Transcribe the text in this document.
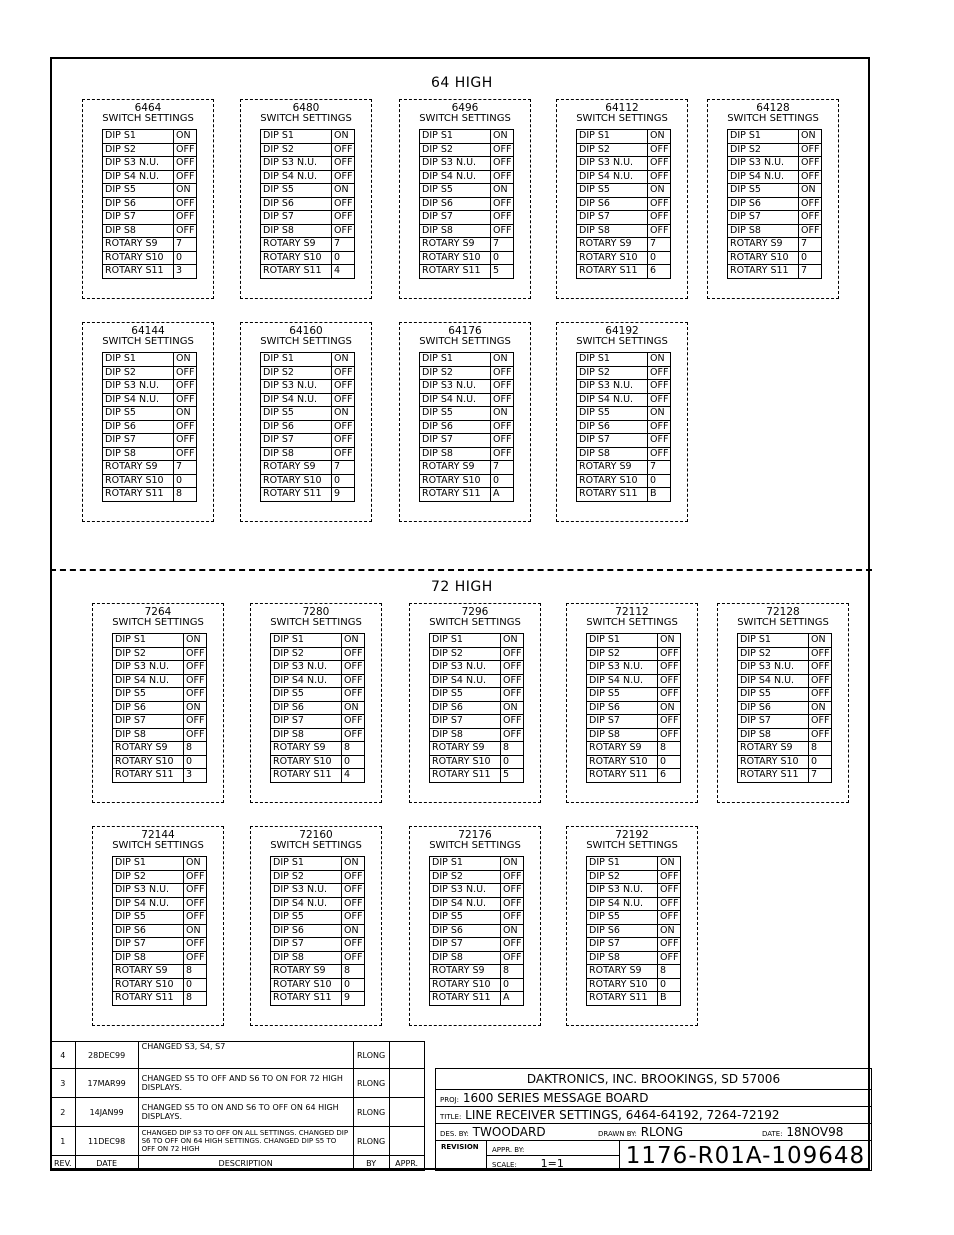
64 HIGH
72 HIGH
6464
SWITCH SETTINGS
DIP S1	ON
DIP S2	OFF
DIP S3 N.U.	OFF
DIP S4 N.U.	OFF
DIP S5	ON
DIP S6	OFF
DIP S7	OFF
DIP S8	OFF
ROTARY S9	7
ROTARY S10	0
ROTARY S11	3
6480
SWITCH SETTINGS
DIP S1	ON
DIP S2	OFF
DIP S3 N.U.	OFF
DIP S4 N.U.	OFF
DIP S5	ON
DIP S6	OFF
DIP S7	OFF
DIP S8	OFF
ROTARY S9	7
ROTARY S10	0
ROTARY S11	4
6496
SWITCH SETTINGS
DIP S1	ON
DIP S2	OFF
DIP S3 N.U.	OFF
DIP S4 N.U.	OFF
DIP S5	ON
DIP S6	OFF
DIP S7	OFF
DIP S8	OFF
ROTARY S9	7
ROTARY S10	0
ROTARY S11	5
64112
SWITCH SETTINGS
DIP S1	ON
DIP S2	OFF
DIP S3 N.U.	OFF
DIP S4 N.U.	OFF
DIP S5	ON
DIP S6	OFF
DIP S7	OFF
DIP S8	OFF
ROTARY S9	7
ROTARY S10	0
ROTARY S11	6
64128
SWITCH SETTINGS
DIP S1	ON
DIP S2	OFF
DIP S3 N.U.	OFF
DIP S4 N.U.	OFF
DIP S5	ON
DIP S6	OFF
DIP S7	OFF
DIP S8	OFF
ROTARY S9	7
ROTARY S10	0
ROTARY S11	7
64144
SWITCH SETTINGS
DIP S1	ON
DIP S2	OFF
DIP S3 N.U.	OFF
DIP S4 N.U.	OFF
DIP S5	ON
DIP S6	OFF
DIP S7	OFF
DIP S8	OFF
ROTARY S9	7
ROTARY S10	0
ROTARY S11	8
64160
SWITCH SETTINGS
DIP S1	ON
DIP S2	OFF
DIP S3 N.U.	OFF
DIP S4 N.U.	OFF
DIP S5	ON
DIP S6	OFF
DIP S7	OFF
DIP S8	OFF
ROTARY S9	7
ROTARY S10	0
ROTARY S11	9
64176
SWITCH SETTINGS
DIP S1	ON
DIP S2	OFF
DIP S3 N.U.	OFF
DIP S4 N.U.	OFF
DIP S5	ON
DIP S6	OFF
DIP S7	OFF
DIP S8	OFF
ROTARY S9	7
ROTARY S10	0
ROTARY S11	A
64192
SWITCH SETTINGS
DIP S1	ON
DIP S2	OFF
DIP S3 N.U.	OFF
DIP S4 N.U.	OFF
DIP S5	ON
DIP S6	OFF
DIP S7	OFF
DIP S8	OFF
ROTARY S9	7
ROTARY S10	0
ROTARY S11	B
7264
SWITCH SETTINGS
DIP S1	ON
DIP S2	OFF
DIP S3 N.U.	OFF
DIP S4 N.U.	OFF
DIP S5	OFF
DIP S6	ON
DIP S7	OFF
DIP S8	OFF
ROTARY S9	8
ROTARY S10	0
ROTARY S11	3
7280
SWITCH SETTINGS
DIP S1	ON
DIP S2	OFF
DIP S3 N.U.	OFF
DIP S4 N.U.	OFF
DIP S5	OFF
DIP S6	ON
DIP S7	OFF
DIP S8	OFF
ROTARY S9	8
ROTARY S10	0
ROTARY S11	4
7296
SWITCH SETTINGS
DIP S1	ON
DIP S2	OFF
DIP S3 N.U.	OFF
DIP S4 N.U.	OFF
DIP S5	OFF
DIP S6	ON
DIP S7	OFF
DIP S8	OFF
ROTARY S9	8
ROTARY S10	0
ROTARY S11	5
72112
SWITCH SETTINGS
DIP S1	ON
DIP S2	OFF
DIP S3 N.U.	OFF
DIP S4 N.U.	OFF
DIP S5	OFF
DIP S6	ON
DIP S7	OFF
DIP S8	OFF
ROTARY S9	8
ROTARY S10	0
ROTARY S11	6
72128
SWITCH SETTINGS
DIP S1	ON
DIP S2	OFF
DIP S3 N.U.	OFF
DIP S4 N.U.	OFF
DIP S5	OFF
DIP S6	ON
DIP S7	OFF
DIP S8	OFF
ROTARY S9	8
ROTARY S10	0
ROTARY S11	7
72144
SWITCH SETTINGS
DIP S1	ON
DIP S2	OFF
DIP S3 N.U.	OFF
DIP S4 N.U.	OFF
DIP S5	OFF
DIP S6	ON
DIP S7	OFF
DIP S8	OFF
ROTARY S9	8
ROTARY S10	0
ROTARY S11	8
72160
SWITCH SETTINGS
DIP S1	ON
DIP S2	OFF
DIP S3 N.U.	OFF
DIP S4 N.U.	OFF
DIP S5	OFF
DIP S6	ON
DIP S7	OFF
DIP S8	OFF
ROTARY S9	8
ROTARY S10	0
ROTARY S11	9
72176
SWITCH SETTINGS
DIP S1	ON
DIP S2	OFF
DIP S3 N.U.	OFF
DIP S4 N.U.	OFF
DIP S5	OFF
DIP S6	ON
DIP S7	OFF
DIP S8	OFF
ROTARY S9	8
ROTARY S10	0
ROTARY S11	A
72192
SWITCH SETTINGS
DIP S1	ON
DIP S2	OFF
DIP S3 N.U.	OFF
DIP S4 N.U.	OFF
DIP S5	OFF
DIP S6	ON
DIP S7	OFF
DIP S8	OFF
ROTARY S9	8
ROTARY S10	0
ROTARY S11	B
4	28DEC99	CHANGED S3, S4, S7	RLONG	
3	17MAR99	CHANGED S5 TO OFF AND S6 TO ON FOR 72 HIGH DISPLAYS.	RLONG	
2	14JAN99	CHANGED S5 TO ON AND S6 TO OFF ON 64 HIGH DISPLAYS.	RLONG	
1	11DEC98	CHANGED DIP S3 TO OFF ON ALL SETTINGS. CHANGED DIP S6 TO OFF ON 64 HIGH SETTINGS. CHANGED DIP S5 TO OFF ON 72 HIGH	RLONG	
REV.	DATE	DESCRIPTION	BY	APPR.
DAKTRONICS, INC. BROOKINGS, SD 57006
PROJ: 1600 SERIES MESSAGE BOARD
TITLE: LINE RECEIVER SETTINGS, 6464-64192, 7264-72192
DES. BY: TWOODARD	DRAWN BY: RLONG	DATE: 18NOV98
REVISION	APPR. BY:
SCALE: 1=1	1176-R01A-109648
